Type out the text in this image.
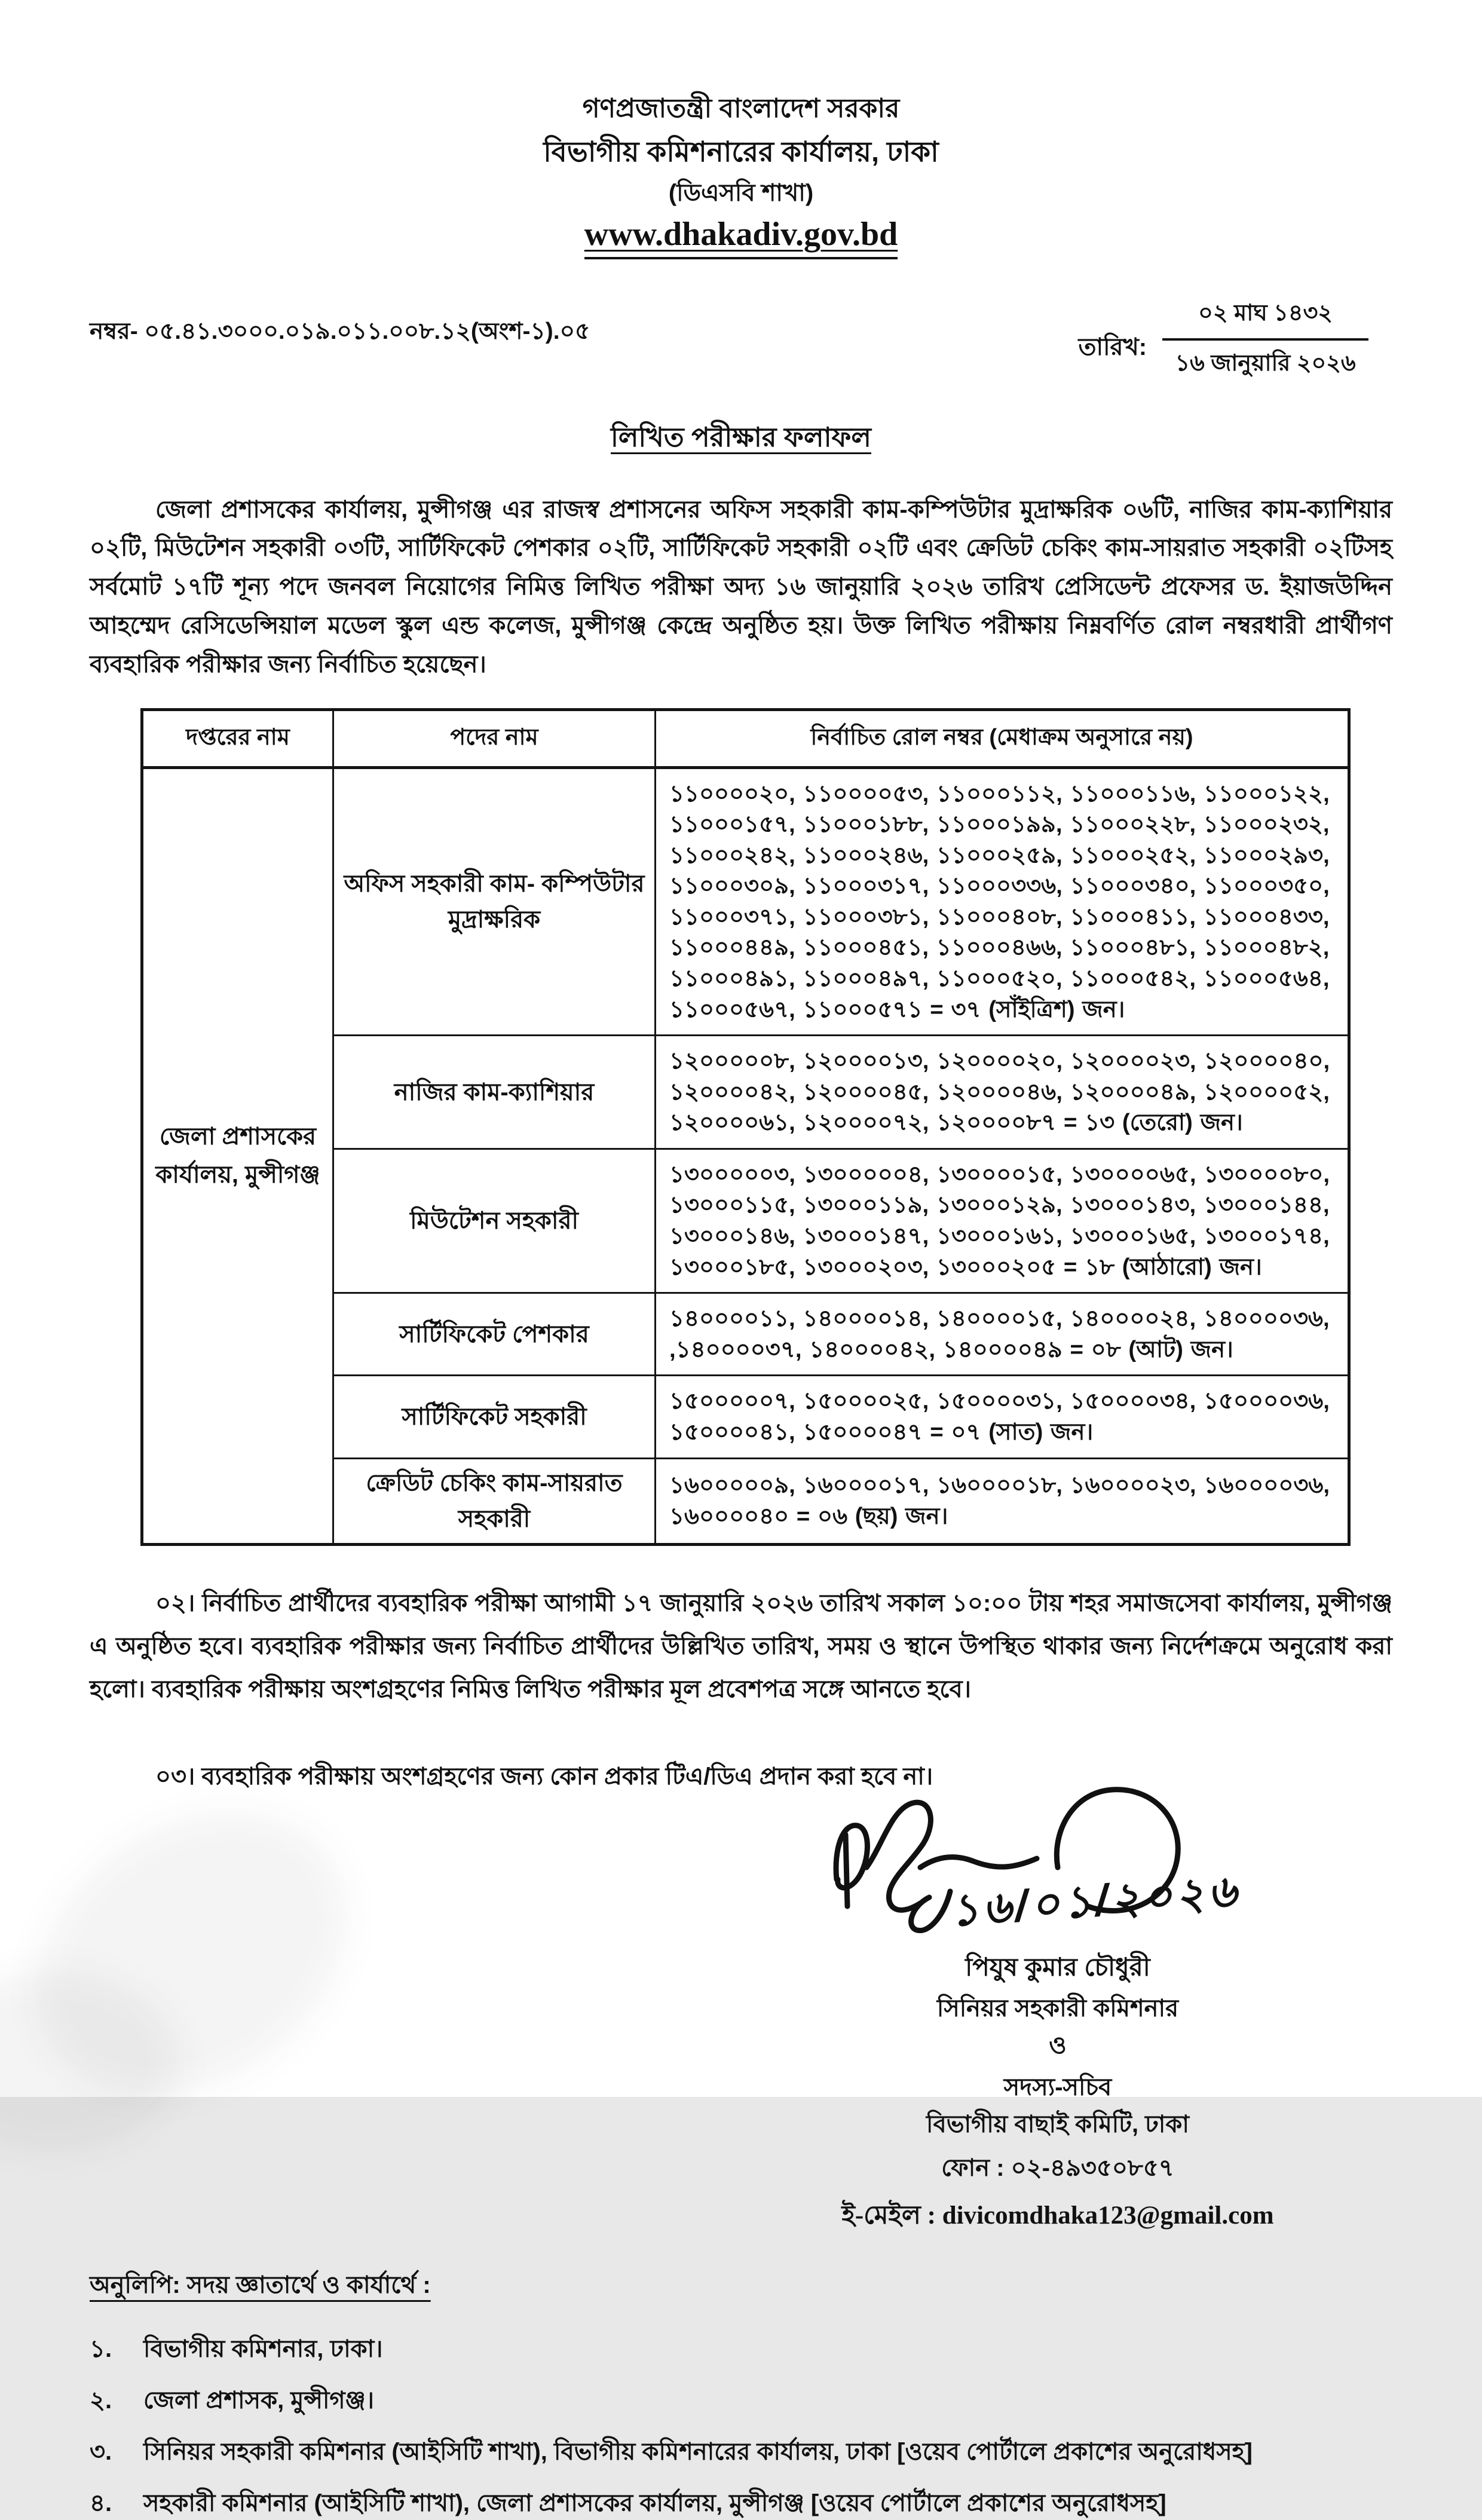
গণপ্রজাতন্ত্রী বাংলাদেশ সরকার
বিভাগীয় কমিশনারের কার্যালয়, ঢাকা
(ডিএসবি শাখা)
www.dhakadiv.gov.bd
নম্বর- ০৫.৪১.৩০০০.০১৯.০১১.০০৮.১২(অংশ-১).০৫
তারিখ: $\frac{\text{০২ মাঘ ১৪৩২}}{\text{১৬ জানুয়ারি ২০২৬}}$
লিখিত পরীক্ষার ফলাফল

জেলা প্রশাসকের কার্যালয়, মুন্সীগঞ্জ এর রাজস্ব প্রশাসনের অফিস সহকারী কাম-কম্পিউটার মুদ্রাক্ষরিক ০৬টি, নাজির কাম-ক্যাশিয়ার ০২টি, মিউটেশন সহকারী ০৩টি, সার্টিফিকেট পেশকার ০২টি, সার্টিফিকেট সহকারী ০২টি এবং ক্রেডিট চেকিং কাম-সায়রাত সহকারী ০২টিসহ সর্বমোট ১৭টি শূন্য পদে জনবল নিয়োগের নিমিত্ত লিখিত পরীক্ষা অদ্য ১৬ জানুয়ারি ২০২৬ তারিখ প্রেসিডেন্ট প্রফেসর ড. ইয়াজউদ্দিন আহম্মেদ রেসিডেন্সিয়াল মডেল স্কুল এন্ড কলেজ, মুন্সীগঞ্জ কেন্দ্রে অনুষ্ঠিত হয়। উক্ত লিখিত পরীক্ষায় নিম্নবর্ণিত রোল নম্বরধারী প্রার্থীগণ ব্যবহারিক পরীক্ষার জন্য নির্বাচিত হয়েছেন।

দপ্তরের নাম	পদের নাম	নির্বাচিত রোল নম্বর (মেধাক্রম অনুসারে নয়)
জেলা প্রশাসকের কার্যালয়, মুন্সীগঞ্জ	অফিস সহকারী কাম- কম্পিউটার মুদ্রাক্ষরিক	১১০০০০২০, ১১০০০০৫৩, ১১০০০১১২, ১১০০০১১৬, ১১০০০১২২, ১১০০০১৫৭, ১১০০০১৮৮, ১১০০০১৯৯, ১১০০০২২৮, ১১০০০২৩২, ১১০০০২৪২, ১১০০০২৪৬, ১১০০০২৫৯, ১১০০০২৫২, ১১০০০২৯৩, ১১০০০৩০৯, ১১০০০৩১৭, ১১০০০৩৩৬, ১১০০০৩৪০, ১১০০০৩৫০, ১১০০০৩৭১, ১১০০০৩৮১, ১১০০০৪০৮, ১১০০০৪১১, ১১০০০৪৩৩, ১১০০০৪৪৯, ১১০০০৪৫১, ১১০০০৪৬৬, ১১০০০৪৮১, ১১০০০৪৮২, ১১০০০৪৯১, ১১০০০৪৯৭, ১১০০০৫২০, ১১০০০৫৪২, ১১০০০৫৬৪, ১১০০০৫৬৭, ১১০০০৫৭১ = ৩৭ (সাঁইত্রিশ) জন।
	নাজির কাম-ক্যাশিয়ার	১২০০০০০৮, ১২০০০০১৩, ১২০০০০২০, ১২০০০০২৩, ১২০০০০৪০, ১২০০০০৪২, ১২০০০০৪৫, ১২০০০০৪৬, ১২০০০০৪৯, ১২০০০০৫২, ১২০০০০৬১, ১২০০০০৭২, ১২০০০০৮৭ = ১৩ (তেরো) জন।
	মিউটেশন সহকারী	১৩০০০০০৩, ১৩০০০০০৪, ১৩০০০০১৫, ১৩০০০০৬৫, ১৩০০০০৮০, ১৩০০০১১৫, ১৩০০০১১৯, ১৩০০০১২৯, ১৩০০০১৪৩, ১৩০০০১৪৪, ১৩০০০১৪৬, ১৩০০০১৪৭, ১৩০০০১৬১, ১৩০০০১৬৫, ১৩০০০১৭৪, ১৩০০০১৮৫, ১৩০০০২০৩, ১৩০০০২০৫ = ১৮ (আঠারো) জন।
	সার্টিফিকেট পেশকার	১৪০০০০১১, ১৪০০০০১৪, ১৪০০০০১৫, ১৪০০০০২৪, ১৪০০০০৩৬, ,১৪০০০০৩৭, ১৪০০০০৪২, ১৪০০০০৪৯ = ০৮ (আট) জন।
	সার্টিফিকেট সহকারী	১৫০০০০০৭, ১৫০০০০২৫, ১৫০০০০৩১, ১৫০০০০৩৪, ১৫০০০০৩৬, ১৫০০০০৪১, ১৫০০০০৪৭ = ০৭ (সাত) জন।
	ক্রেডিট চেকিং কাম-সায়রাত সহকারী	১৬০০০০০৯, ১৬০০০০১৭, ১৬০০০০১৮, ১৬০০০০২৩, ১৬০০০০৩৬, ১৬০০০০৪০ = ০৬ (ছয়) জন।

০২। নির্বাচিত প্রার্থীদের ব্যবহারিক পরীক্ষা আগামী ১৭ জানুয়ারি ২০২৬ তারিখ সকাল ১০:০০ টায় শহর সমাজসেবা কার্যালয়, মুন্সীগঞ্জ এ অনুষ্ঠিত হবে। ব্যবহারিক পরীক্ষার জন্য নির্বাচিত প্রার্থীদের উল্লিখিত তারিখ, সময় ও স্থানে উপস্থিত থাকার জন্য নির্দেশক্রমে অনুরোধ করা হলো। ব্যবহারিক পরীক্ষায় অংশগ্রহণের নিমিত্ত লিখিত পরীক্ষার মূল প্রবেশপত্র সঙ্গে আনতে হবে।

০৩। ব্যবহারিক পরীক্ষায় অংশগ্রহণের জন্য কোন প্রকার টিএ/ডিএ প্রদান করা হবে না।

১৬/০১/২০২৬
পিযুষ কুমার চৌধুরী
সিনিয়র সহকারী কমিশনার
ও
সদস্য-সচিব
বিভাগীয় বাছাই কমিটি, ঢাকা
ফোন : ০২-৪৯৩৫০৮৫৭
ই-মেইল : divicomdhaka123@gmail.com
অনুলিপি: সদয় জ্ঞাতার্থে ও কার্যার্থে :
১. বিভাগীয় কমিশনার, ঢাকা।
২. জেলা প্রশাসক, মুন্সীগঞ্জ।
৩. সিনিয়র সহকারী কমিশনার (আইসিটি শাখা), বিভাগীয় কমিশনারের কার্যালয়, ঢাকা [ওয়েব পোর্টালে প্রকাশের অনুরোধসহ]
৪. সহকারী কমিশনার (আইসিটি শাখা), জেলা প্রশাসকের কার্যালয়, মুন্সীগঞ্জ [ওয়েব পোর্টালে প্রকাশের অনুরোধসহ]
